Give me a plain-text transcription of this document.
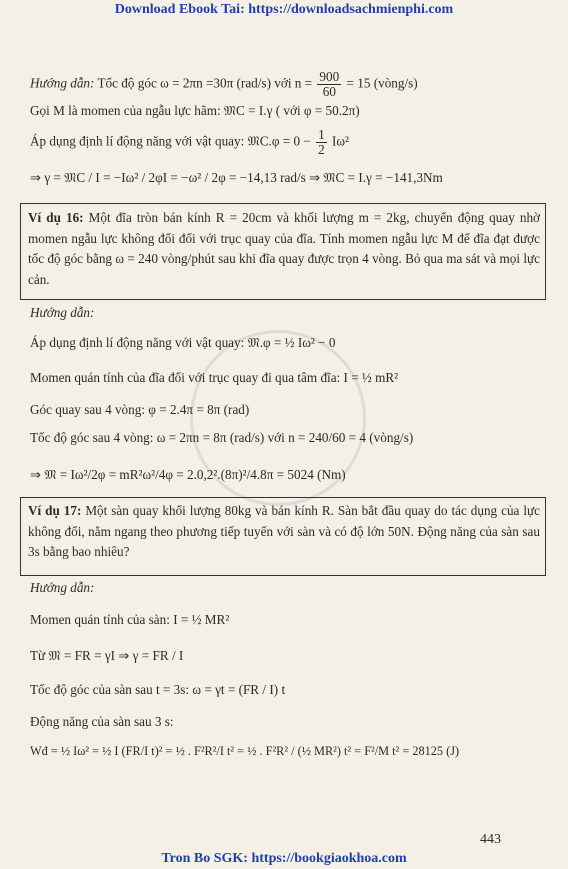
Download Ebook Tai: https://downloadsachmienphi.com
Hướng dẫn: Tốc độ góc ω = 2πn =30π (rad/s) với $n = \frac{900}{60} = 15$ (vòng/s)
Gọi M là momen của ngẫu lực hãm: 𝔐C = I.γ ( với φ = 50.2π)
Áp dụng định lí động năng với vật quay: 𝔐C.φ = $0 - \frac{1}{2} I\omega^2$
⇒ γ = 𝔐C / I = −Iω² / 2φI = −ω² / 2φ = −14,13 rad/s ⇒ 𝔐C = I.γ = −141,3Nm
Ví dụ 16: Một đĩa tròn bán kính R = 20cm và khối lượng m = 2kg, chuyển động quay nhờ momen ngẫu lực không đổi đối với trục quay của đĩa. Tính momen ngẫu lực M để đĩa đạt được tốc độ góc bằng ω = 240 vòng/phút sau khi đĩa quay được trọn 4 vòng. Bỏ qua ma sát và mọi lực cản.
Hướng dẫn:
Áp dụng định lí động năng với vật quay: 𝔐.φ = ½ Iω² − 0
Momen quán tính của đĩa đối với trục quay đi qua tâm đĩa: I = ½ mR²
Góc quay sau 4 vòng: φ = 2.4π = 8π (rad)
Tốc độ góc sau 4 vòng: ω = 2πn = 8π (rad/s) với n = 240/60 = 4 (vòng/s)
⇒ 𝔐 = Iω²/2φ = mR²ω²/4φ = 2.0,2².(8π)²/4.8π = 5024 (Nm)
Ví dụ 17: Một sàn quay khối lượng 80kg và bán kính R. Sàn bắt đầu quay do tác dụng của lực không đổi, nằm ngang theo phương tiếp tuyến với sàn và có độ lớn 50N. Động năng của sàn sau 3s bằng bao nhiêu?
Hướng dẫn:
Momen quán tính của sàn: I = ½ MR²
Từ 𝔐 = FR = γI ⇒ γ = FR / I
Tốc độ góc của sàn sau t = 3s: ω = γt = (FR / I) t
Động năng của sàn sau 3 s:
Wđ = ½ Iω² = ½ I (FR/I t)² = ½ . F²R²/I t² = ½ . F²R² / (½ MR²) t² = F²/M t² = 28125 (J)
443
Tron Bo SGK: https://bookgiaokhoa.com
